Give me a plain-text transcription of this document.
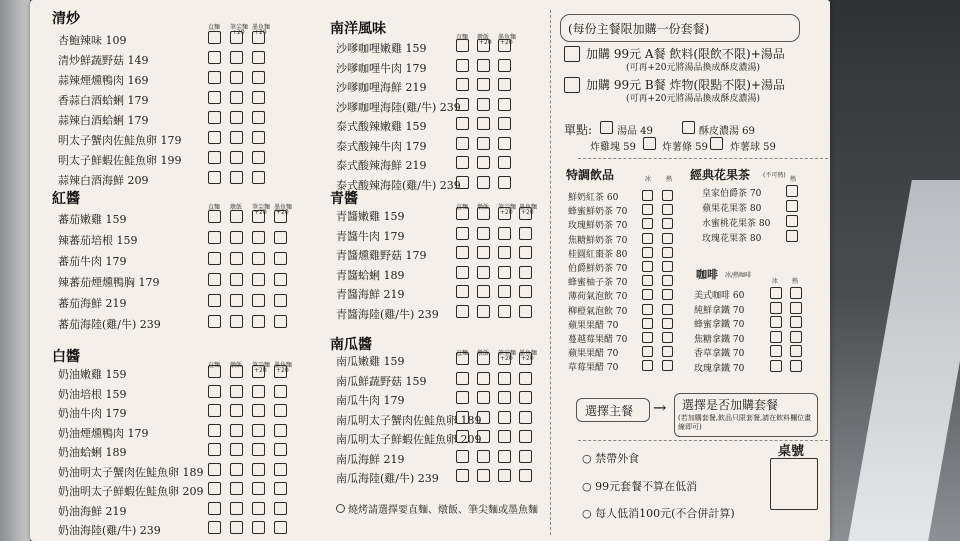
(每份主餐限加購一份套餐)
加購 99元 A餐 飲料(限飲不限)+湯品
(可再+20元將湯品換成酥皮濃湯)
加購 99元 B餐 炸物(限點不限)+湯品
(可再+20元將湯品換成酥皮濃湯)
單點: 湯品 49	酥皮濃湯 69
炸雞塊 59	炸薯條 59 炸薯球 59
特調飲品	冰 熱 經典花果茶 (不可熱)
熱
咖啡 冰/熱咖啡
冰 熱
選擇主餐 → 選擇是否加購套餐
(若加購套餐,飲品只限套餐,請在飲料欄位畫線即可)
○ 禁帶外食
○ 99元套餐不算在低消
○ 每人低消100元(不合併計算)
桌號
燒烤請選擇要直麵、燉飯、筆尖麵或墨魚麵
清炒
直麵 筆尖麵 墨魚麵
+20 +20
杏鮑辣味 109
清炒鮮蔬野菇 149
蒜辣煙燻鴨肉 169
香蒜白酒蛤蜊 179
蒜辣白酒蛤蜊 179
明太子蟹肉佐鮭魚卵 179
明太子鮮蝦佐鮭魚卵 199
蒜辣白酒海鮮 209
南洋風味
直麵 燉飯 墨魚麵
+20 +20
沙嗲咖哩嫩雞 159
沙嗲咖哩牛肉 179
沙嗲咖哩海鮮 219
沙嗲咖哩海陸(雞/牛) 239
泰式酸辣嫩雞 159
泰式酸辣牛肉 179
泰式酸辣海鮮 219
泰式酸辣海陸(雞/牛) 239
紅醬
直麵 燉飯 筆尖麵 墨魚麵
+20 +20
蕃茄嫩雞 159
辣蕃茄培根 159
蕃茄牛肉 179
辣蕃茄煙燻鴨胸 179
蕃茄海鮮 219
蕃茄海陸(雞/牛) 239
青醬
直麵 燉飯 筆尖麵 墨魚麵
+20 +20
青醬嫩雞 159
青醬牛肉 179
青醬燻雞野菇 179
青醬蛤蜊 189
青醬海鮮 219
青醬海陸(雞/牛) 239
白醬
直麵 燉飯 筆尖麵 墨魚麵
+20 +20
奶油嫩雞 159
奶油培根 159
奶油牛肉 179
奶油煙燻鴨肉 179
奶油蛤蜊 189
奶油明太子蟹肉佐鮭魚卵 189
奶油明太子鮮蝦佐鮭魚卵 209
奶油海鮮 219
奶油海陸(雞/牛) 239
南瓜醬
直麵 燉飯 筆尖麵 墨魚麵
+20 +20
南瓜嫩雞 159
南瓜鮮蔬野菇 159
南瓜牛肉 179
南瓜明太子蟹肉佐鮭魚卵 189
南瓜明太子鮮蝦佐鮭魚卵 209
南瓜海鮮 219
南瓜海陸(雞/牛) 239
鮮奶紅茶 60
蜂蜜鮮奶茶 70
玫瑰鮮奶茶 70
焦糖鮮奶茶 70
桂圓紅棗茶 80
伯爵鮮奶茶 70
蜂蜜柚子茶 70
薄荷氣泡飲 70
柳橙氣泡飲 70
蘋果果醋 70
蔓越莓果醋 70
蘋果果醋 70
草莓果醋 70
皇家伯爵茶 70
蘋果花果茶 80
水蜜桃花果茶 80
玫瑰花果茶 80
美式咖啡 60
純鮮拿鐵 70
蜂蜜拿鐵 70
焦糖拿鐵 70
香草拿鐵 70
玫瑰拿鐵 70
